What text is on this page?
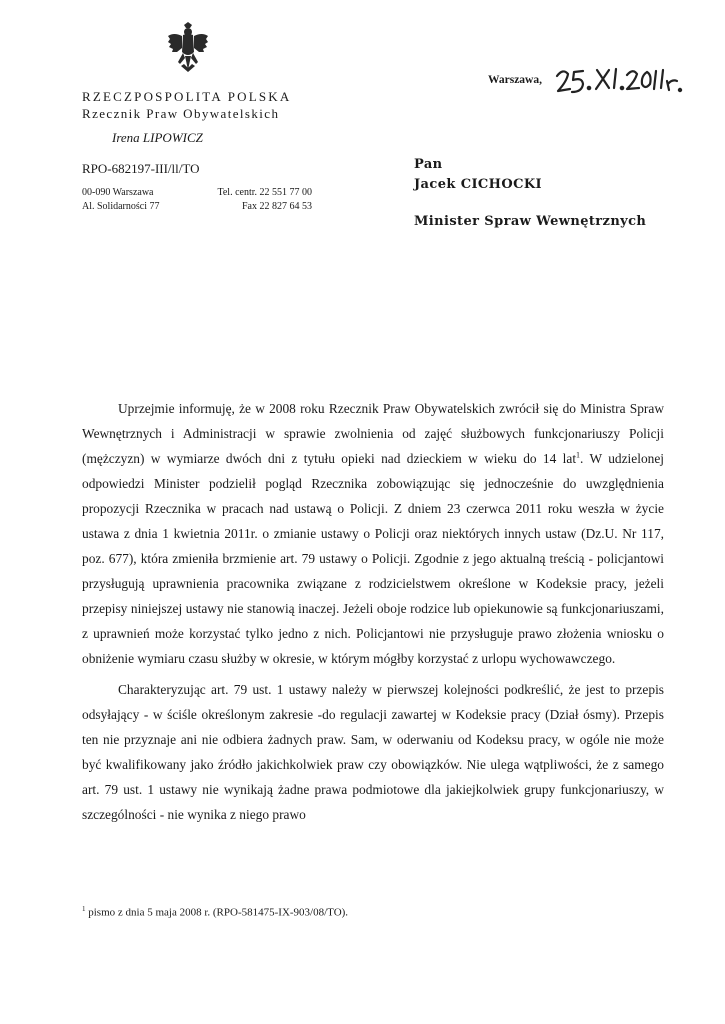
RZECZPOSPOLITA POLSKA
Rzecznik Praw Obywatelskich
Irena LIPOWICZ
RPO-682197-III/ll/TO
00-090 Warszawa	Tel. centr. 22 551 77 00
Al. Solidarności 77	Fax 22 827 64 53
Warszawa,
Pan
Jacek CICHOCKI
Minister Spraw Wewnętrznych

Uprzejmie informuję, że w 2008 roku Rzecznik Praw Obywatelskich zwrócił się do Ministra Spraw Wewnętrznych i Administracji w sprawie zwolnienia od zajęć służbowych funkcjonariuszy Policji (mężczyzn) w wymiarze dwóch dni z tytułu opieki nad dzieckiem w wieku do 14 lat$^1$. W udzielonej odpowiedzi Minister podzielił pogląd Rzecznika zobowiązując się jednocześnie do uwzględnienia propozycji Rzecznika w pracach nad ustawą o Policji. Z dniem 23 czerwca 2011 roku weszła w życie ustawa z dnia 1 kwietnia 2011r. o zmianie ustawy o Policji oraz niektórych innych ustaw (Dz.U. Nr 117, poz. 677), która zmieniła brzmienie art. 79 ustawy o Policji. Zgodnie z jego aktualną treścią - policjantowi przysługują uprawnienia pracownika związane z rodzicielstwem określone w Kodeksie pracy, jeżeli przepisy niniejszej ustawy nie stanowią inaczej. Jeżeli oboje rodzice lub opiekunowie są funkcjonariuszami, z uprawnień może korzystać tylko jedno z nich. Policjantowi nie przysługuje prawo złożenia wniosku o obniżenie wymiaru czasu służby w okresie, w którym mógłby korzystać z urlopu wychowawczego.

Charakteryzując art. 79 ust. 1 ustawy należy w pierwszej kolejności podkreślić, że jest to przepis odsyłający - w ściśle określonym zakresie -do regulacji zawartej w Kodeksie pracy (Dział ósmy). Przepis ten nie przyznaje ani nie odbiera żadnych praw. Sam, w oderwaniu od Kodeksu pracy, w ogóle nie może być kwalifikowany jako źródło jakichkolwiek praw czy obowiązków. Nie ulega wątpliwości, że z samego art. 79 ust. 1 ustawy nie wynikają żadne prawa podmiotowe dla jakiejkolwiek grupy funkcjonariuszy, w szczególności - nie wynika z niego prawo

$^1$ pismo z dnia 5 maja 2008 r. (RPO-581475-IX-903/08/TO).
